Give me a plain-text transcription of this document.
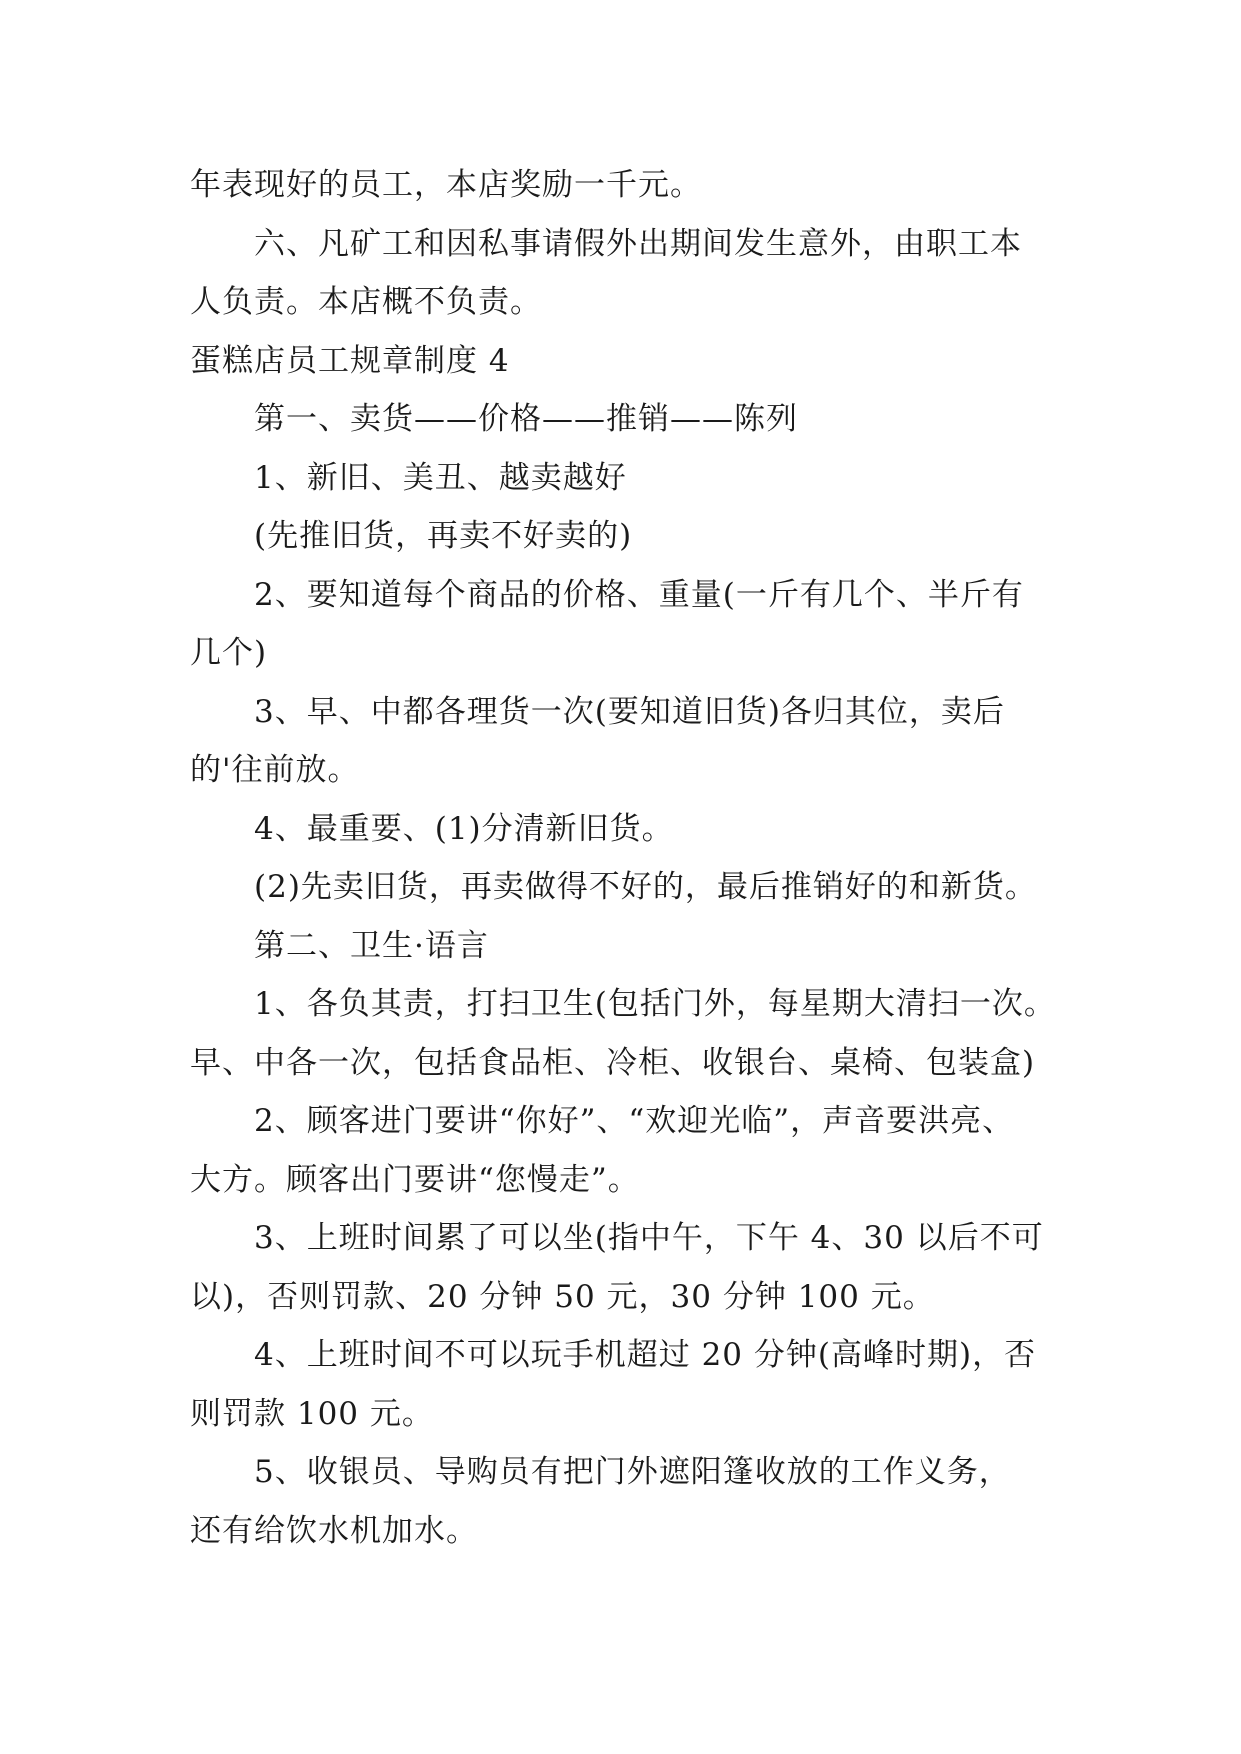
年表现好的员工，本店奖励一千元。
六、凡矿工和因私事请假外出期间发生意外，由职工本
人负责。本店概不负责。
蛋糕店员工规章制度 4
第一、卖货——价格——推销——陈列
1、新旧、美丑、越卖越好
(先推旧货，再卖不好卖的)
2、要知道每个商品的价格、重量(一斤有几个、半斤有
几个)
3、早、中都各理货一次(要知道旧货)各归其位，卖后
的'往前放。
4、最重要、(1)分清新旧货。
(2)先卖旧货，再卖做得不好的，最后推销好的和新货。
第二、卫生·语言
1、各负其责，打扫卫生(包括门外，每星期大清扫一次。
早、中各一次，包括食品柜、冷柜、收银台、桌椅、包装盒)
2、顾客进门要讲“你好”、“欢迎光临”，声音要洪亮、
大方。顾客出门要讲“您慢走”。
3、上班时间累了可以坐(指中午，下午 4、30 以后不可
以)，否则罚款、20 分钟 50 元，30 分钟 100 元。
4、上班时间不可以玩手机超过 20 分钟(高峰时期)，否
则罚款 100 元。
5、收银员、导购员有把门外遮阳篷收放的工作义务，
还有给饮水机加水。
